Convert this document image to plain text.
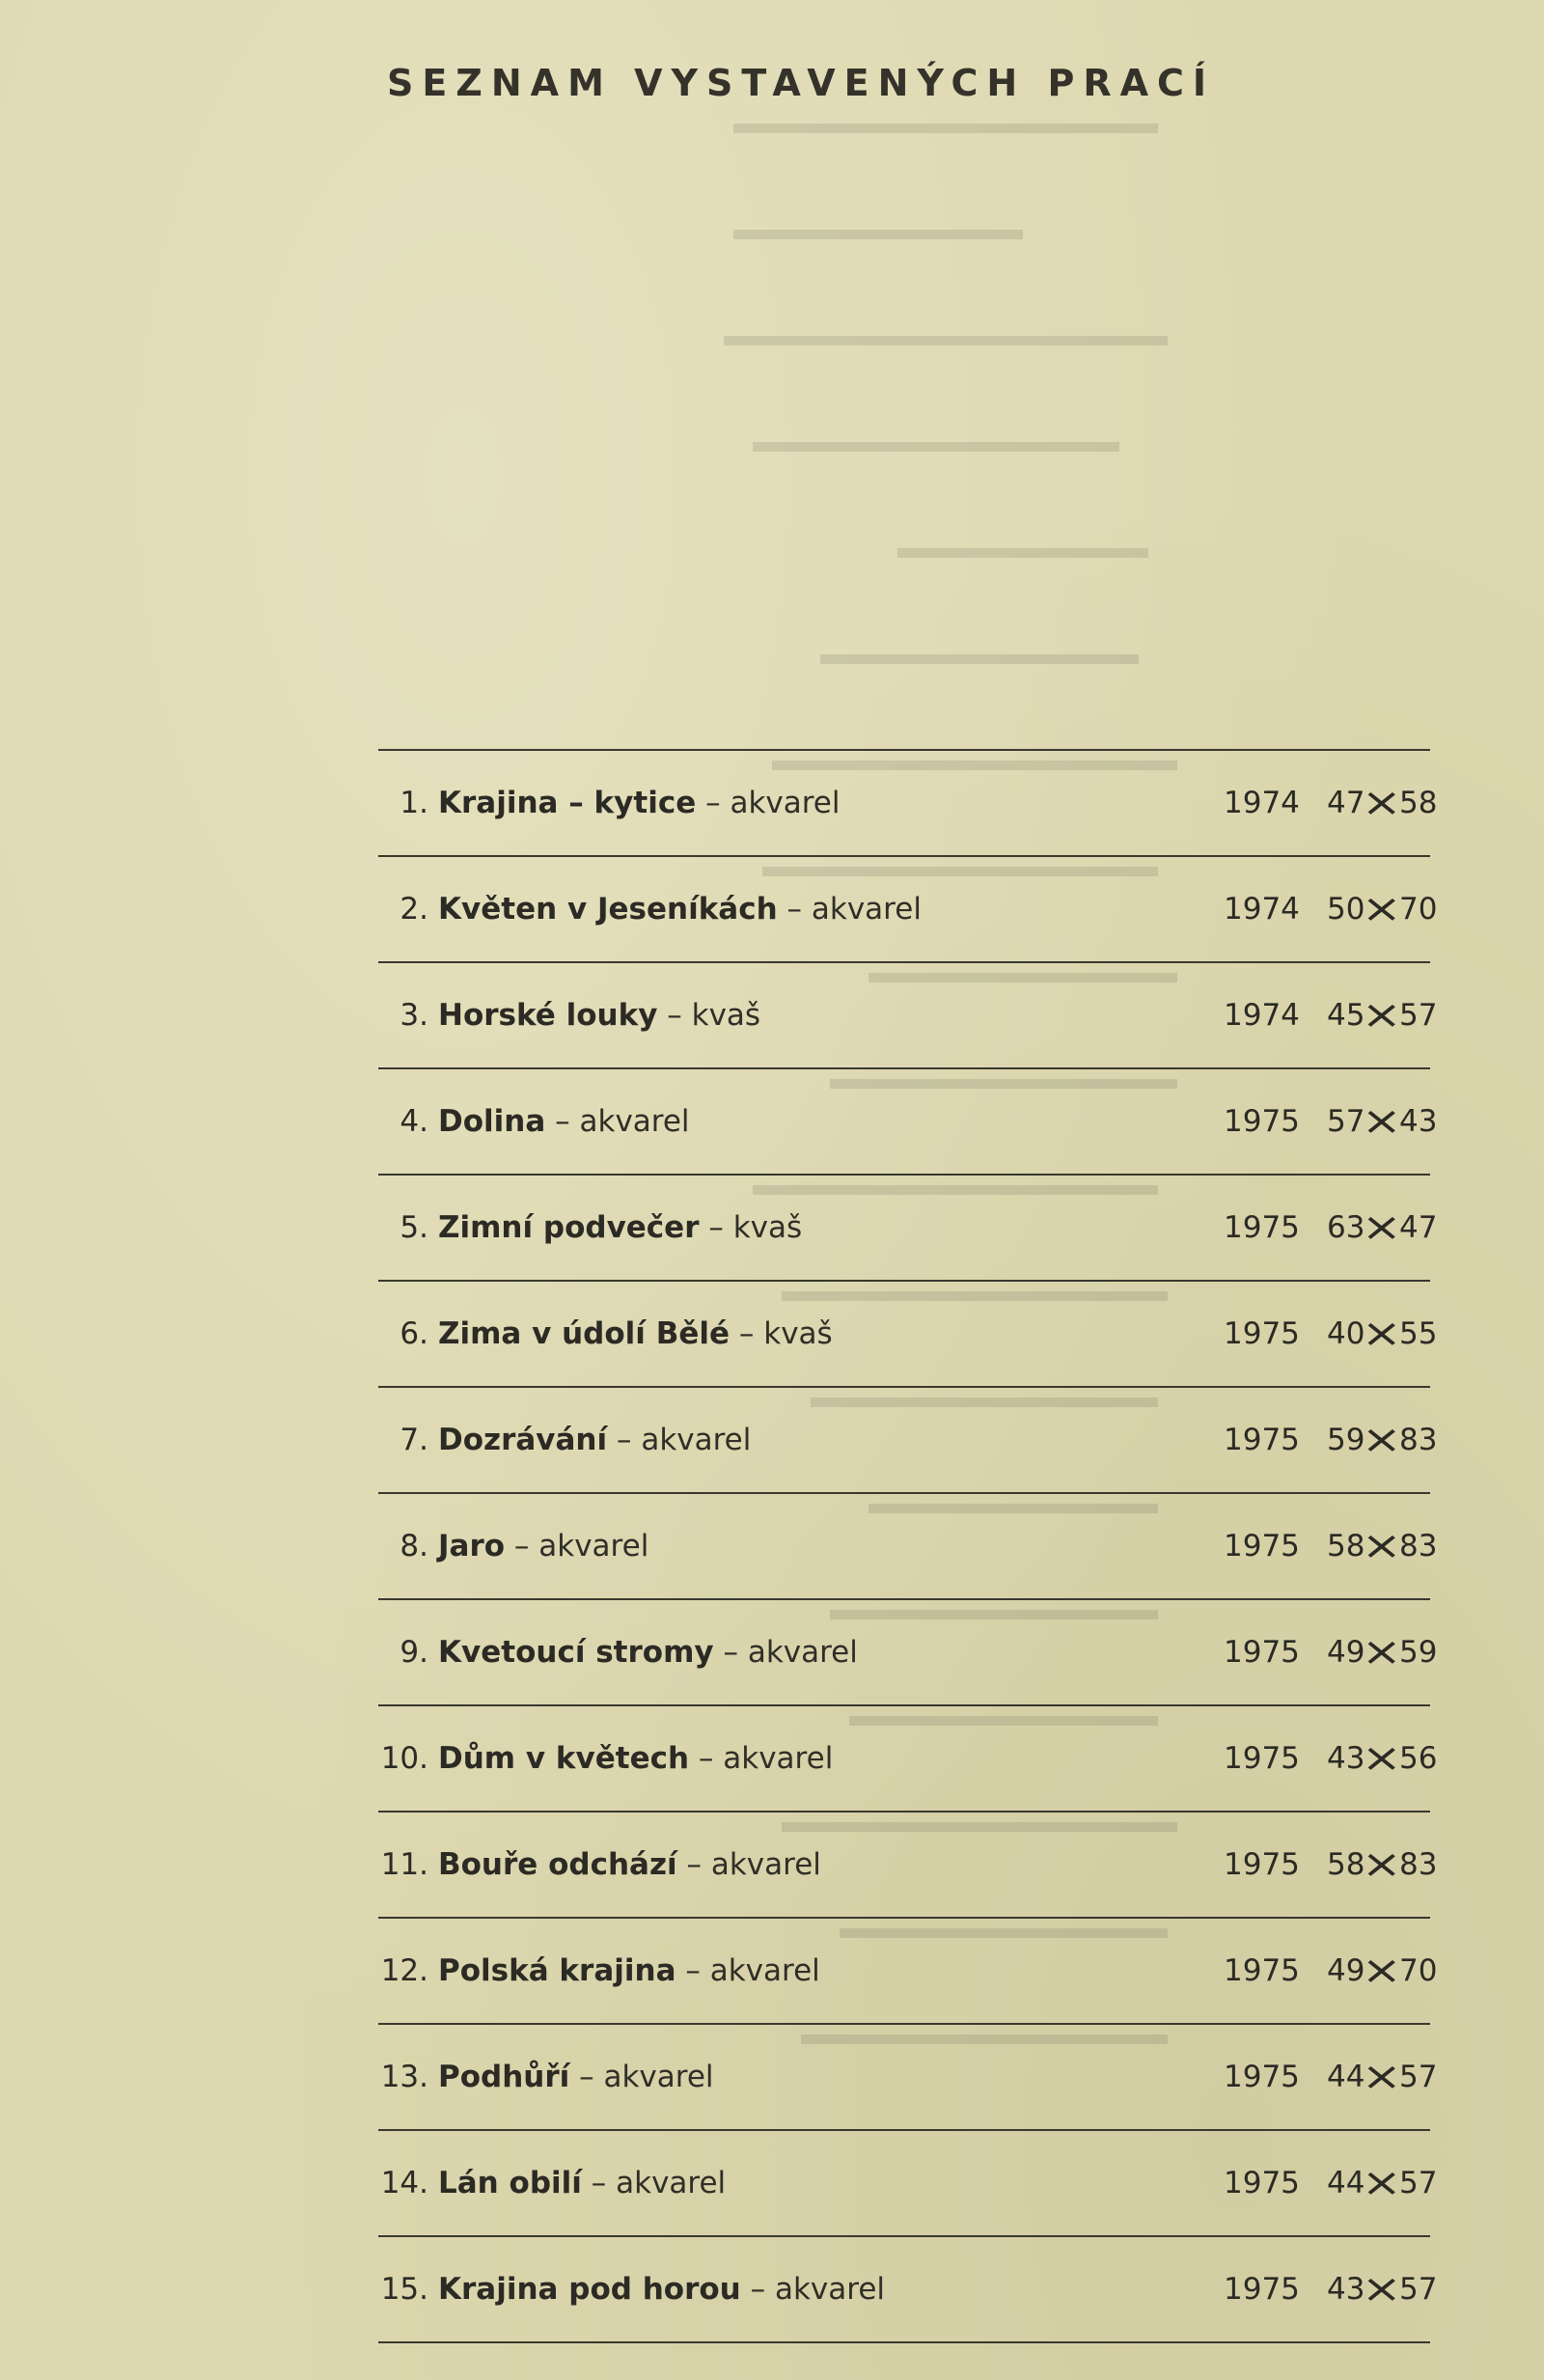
SEZNAM VYSTAVENÝCH PRACÍ
1. Krajina – kytice – akvarel	1974 47×58
2. Květen v Jeseníkách – akvarel	1974 50×70
3. Horské louky – kvaš	1974 45×57
4. Dolina – akvarel	1975 57×43
5. Zimní podvečer – kvaš	1975 63×47
6. Zima v údolí Bělé – kvaš	1975 40×55
7. Dozrávání – akvarel	1975 59×83
8. Jaro – akvarel	1975 58×83
9. Kvetoucí stromy – akvarel	1975 49×59
10. Dům v květech – akvarel	1975 43×56
11. Bouře odchází – akvarel	1975 58×83
12. Polská krajina – akvarel	1975 49×70
13. Podhůří – akvarel	1975 44×57
14. Lán obilí – akvarel	1975 44×57
15. Krajina pod horou – akvarel	1975 43×57
